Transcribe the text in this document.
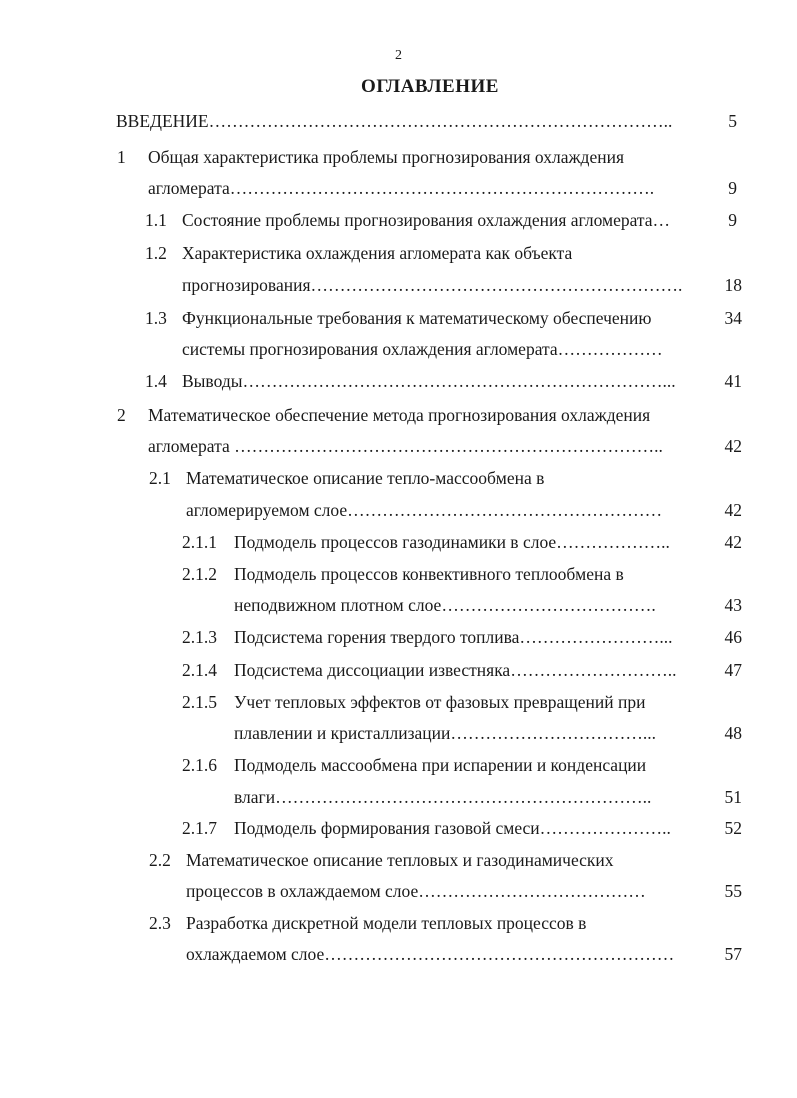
2
ОГЛАВЛЕНИЕ
ВВЕДЕНИЕ……………………………………………………………………..	5
1 Общая характеристика проблемы прогнозирования охлаждения
агломерата……………………………………………………………….	9
1.1 Состояние проблемы прогнозирования охлаждения агломерата…	9
1.2 Характеристика охлаждения агломерата как объекта
прогнозирования……………………………………………………….	18
1.3 Функциональные требования к математическому обеспечению	34
системы прогнозирования охлаждения агломерата………………
1.4 Выводы………………………………………………………………...	41
2 Математическое обеспечение метода прогнозирования охлаждения
агломерата ………………………………………………………………..	42
2.1 Математическое описание тепло-массообмена в
агломерируемом слое………………………………………………	42
2.1.1 Подмодель процессов газодинамики в слое………………..	42
2.1.2 Подмодель процессов конвективного теплообмена в
неподвижном плотном слое……………………………….	43
2.1.3 Подсистема горения твердого топлива……………………...	46
2.1.4 Подсистема диссоциации известняка………………………..	47
2.1.5 Учет тепловых эффектов от фазовых превращений при
плавлении и кристаллизации……………………………...	48
2.1.6 Подмодель массообмена при испарении и конденсации
влаги………………………………………………………..	51
2.1.7 Подмодель формирования газовой смеси…………………..	52
2.2 Математическое описание тепловых и газодинамических
процессов в охлаждаемом слое…………………………………	55
2.3 Разработка дискретной модели тепловых процессов в
охлаждаемом слое……………………………………………………	57
